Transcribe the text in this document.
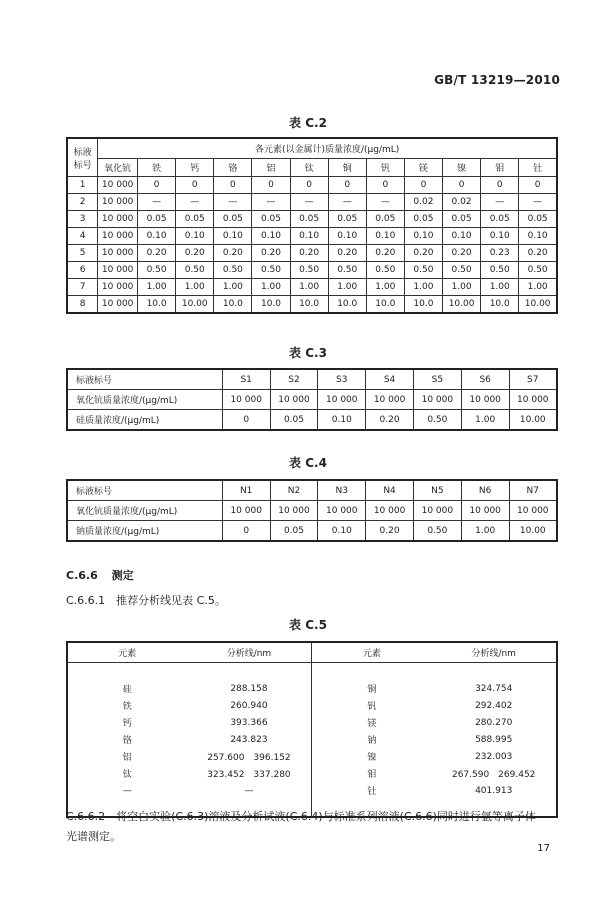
GB/T 13219—2010
表 C.2
标液
标号	各元素(以金属计)质量浓度/(μg/mL)											
	氧化钪	铁	钙	铬	铝	钛	铜	钒	镁	镍	钼	钍
1	10 000	0	0	0	0	0	0	0	0	0	0	0
2	10 000	—	—	—	—	—	—	—	0.02	0.02	—	—
3	10 000	0.05	0.05	0.05	0.05	0.05	0.05	0.05	0.05	0.05	0.05	0.05
4	10 000	0.10	0.10	0.10	0.10	0.10	0.10	0.10	0.10	0.10	0.10	0.10
5	10 000	0.20	0.20	0.20	0.20	0.20	0.20	0.20	0.20	0.20	0.23	0.20
6	10 000	0.50	0.50	0.50	0.50	0.50	0.50	0.50	0.50	0.50	0.50	0.50
7	10 000	1.00	1.00	1.00	1.00	1.00	1.00	1.00	1.00	1.00	1.00	1.00
8	10 000	10.0	10.00	10.0	10.0	10.0	10.0	10.0	10.0	10.00	10.0	10.00
表 C.3
标液标号	S1	S2	S3	S4	S5	S6	S7
氧化钪质量浓度/(μg/mL)	10 000	10 000	10 000	10 000	10 000	10 000	10 000
硅质量浓度/(μg/mL)	0	0.05	0.10	0.20	0.50	1.00	10.00
表 C.4
标液标号	N1	N2	N3	N4	N5	N6	N7
氧化钪质量浓度/(μg/mL)	10 000	10 000	10 000	10 000	10 000	10 000	10 000
钠质量浓度/(μg/mL)	0	0.05	0.10	0.20	0.50	1.00	10.00
C.6.6 测定
C.6.6.1　推荐分析线见表 C.5。
表 C.5
元素	分析线/nm	元素	分析线/nm

硅	288.158	铜	324.754
铁	260.940	钒	292.402
钙	393.366	镁	280.270
铬	243.823	钠	588.995
铝	257.600　396.152	镍	232.003
钛	323.452　337.280	钼	267.590　269.452
—	—	钍	401.913

C.6.6.2　将空白实验(C.6.3)溶液及分析试液(C.6.4)与标准系列溶液(C.6.6)同时进行氩等离子体
光谱测定。
17
